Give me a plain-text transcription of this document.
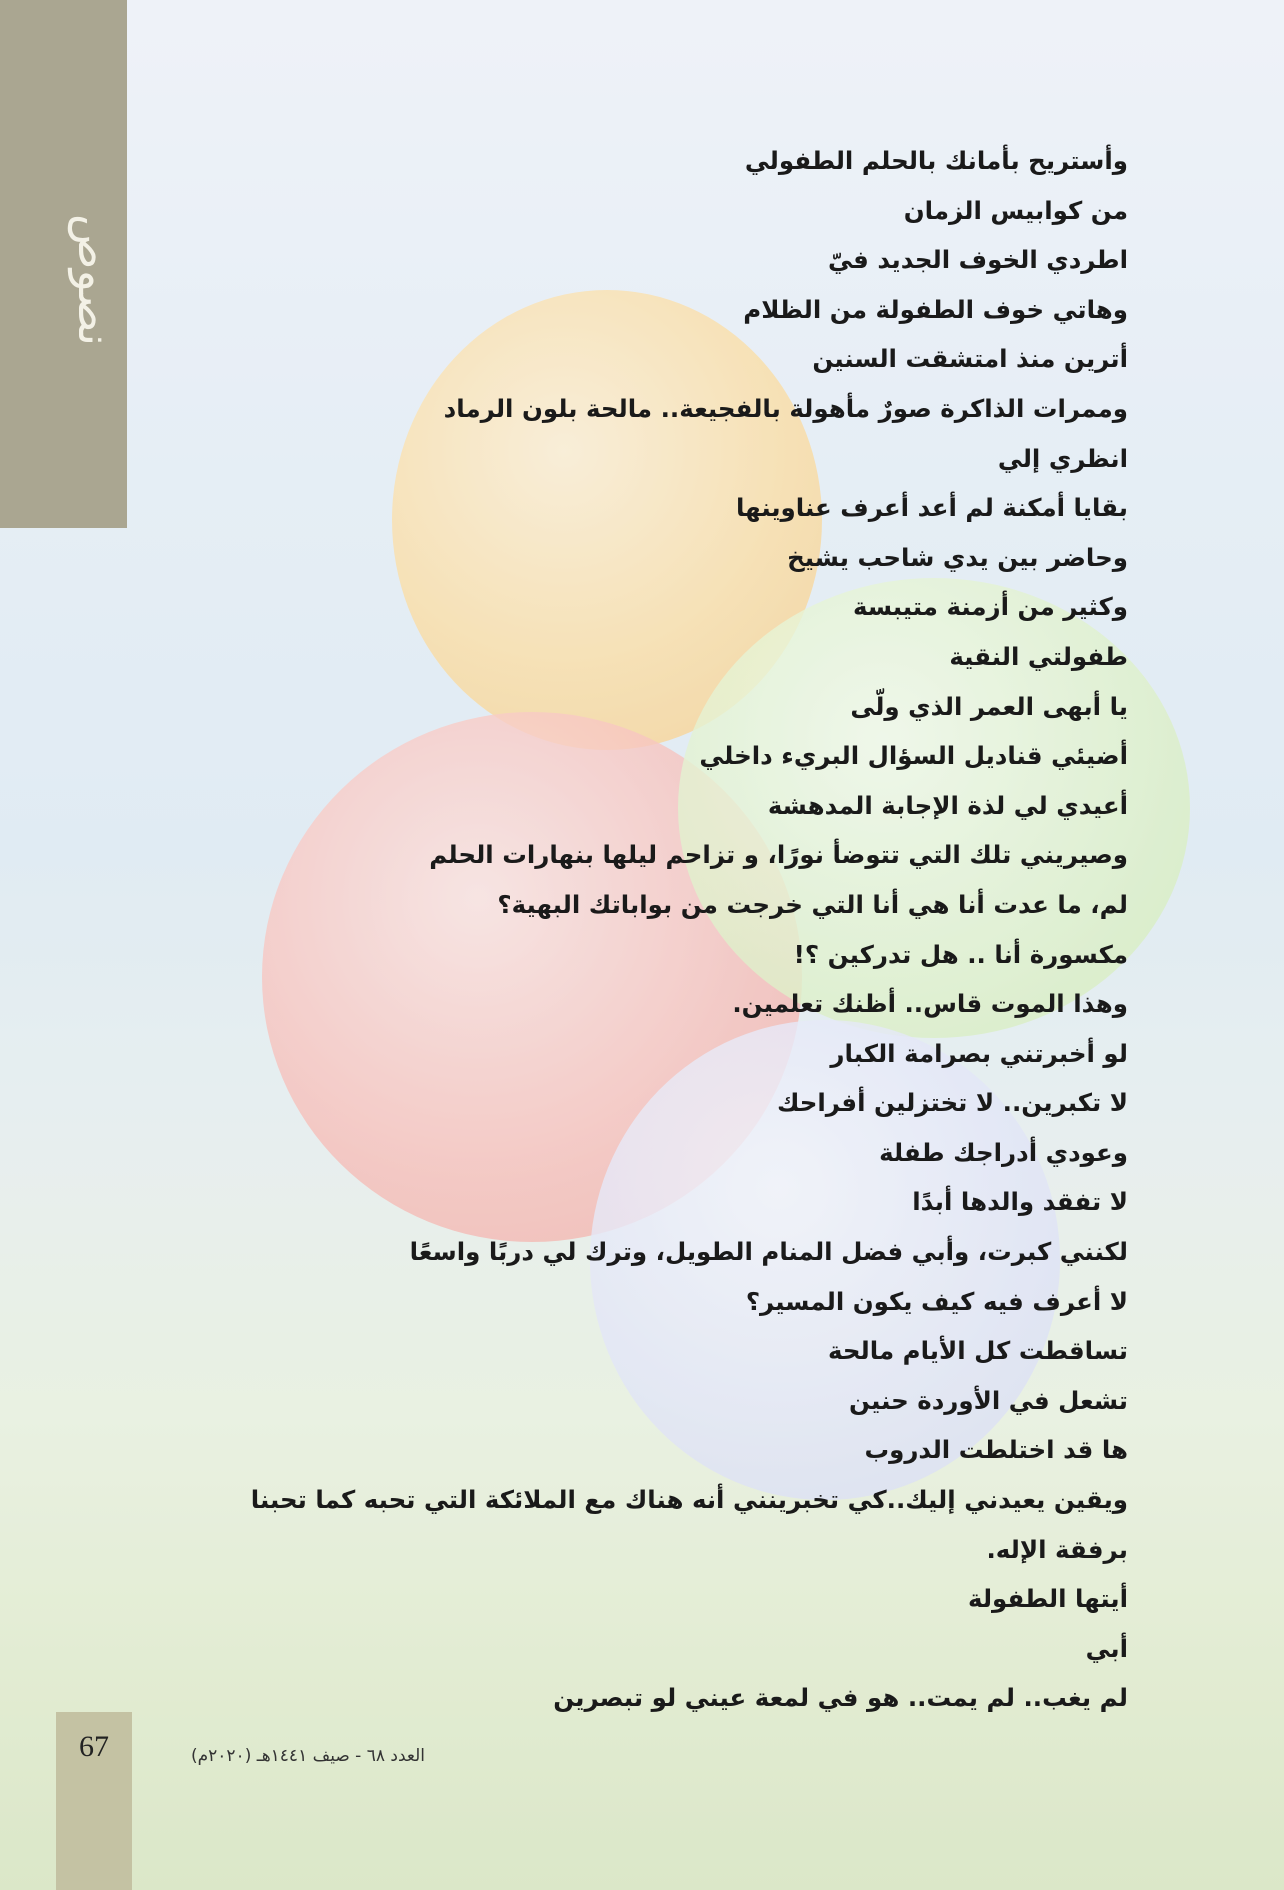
نصوص
وأستريح بأمانك بالحلم الطفولي
من كوابيس الزمان
اطردي الخوف الجديد فيّ
وهاتي خوف الطفولة من الظلام
أترين منذ امتشقت السنين
وممرات الذاكرة صورٌ مأهولة بالفجيعة.. مالحة بلون الرماد
انظري إلي
بقايا أمكنة لم أعد أعرف عناوينها
وحاضر بين يدي شاحب يشيخ
وكثير من أزمنة متيبسة
طفولتي النقية
يا أبهى العمر الذي ولّى
أضيئي قناديل السؤال البريء داخلي
أعيدي لي لذة الإجابة المدهشة
وصيريني تلك التي تتوضأ نورًا، و تزاحم ليلها بنهارات الحلم
لم، ما عدت أنا هي أنا التي خرجت من بواباتك البهية؟
مكسورة أنا .. هل تدركين ؟!
وهذا الموت قاس.. أظنك تعلمين.
لو أخبرتني بصرامة الكبار
لا تكبرين.. لا تختزلين أفراحك
وعودي أدراجك طفلة
لا تفقد والدها أبدًا
لكنني كبرت، وأبي فضل المنام الطويل، وترك لي دربًا واسعًا
لا أعرف فيه كيف يكون المسير؟
تساقطت كل الأيام مالحة
تشعل في الأوردة حنين
ها قد اختلطت الدروب
ويقين يعيدني إليك..كي تخبرينني أنه هناك مع الملائكة التي تحبه كما تحبنا
برفقة الإله.
أيتها الطفولة
أبي
لم يغب.. لم يمت.. هو في لمعة عيني لو تبصرين
67	العدد ٦٨ - صيف ١٤٤١هـ (٢٠٢٠م)
